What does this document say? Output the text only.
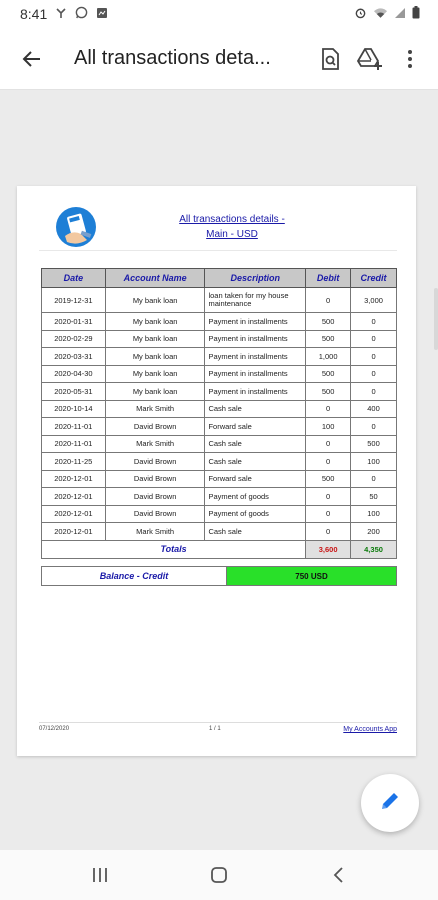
8:41
All transactions deta...
All transactions details -
Main - USD
Date	Account Name	Description	Debit	Credit
2019-12-31	My bank loan	loan taken for my house maintenance	0	3,000
2020-01-31	My bank loan	Payment in installments	500	0
2020-02-29	My bank loan	Payment in installments	500	0
2020-03-31	My bank loan	Payment in installments	1,000	0
2020-04-30	My bank loan	Payment in installments	500	0
2020-05-31	My bank loan	Payment in installments	500	0
2020-10-14	Mark Smith	Cash sale	0	400
2020-11-01	David Brown	Forward sale	100	0
2020-11-01	Mark Smith	Cash sale	0	500
2020-11-25	David Brown	Cash sale	0	100
2020-12-01	David Brown	Forward sale	500	0
2020-12-01	David Brown	Payment of goods	0	50
2020-12-01	David Brown	Payment of goods	0	100
2020-12-01	Mark Smith	Cash sale	0	200
Totals			3,600	4,350
Balance - Credit	750 USD
07/12/2020	1 / 1	My Accounts App
